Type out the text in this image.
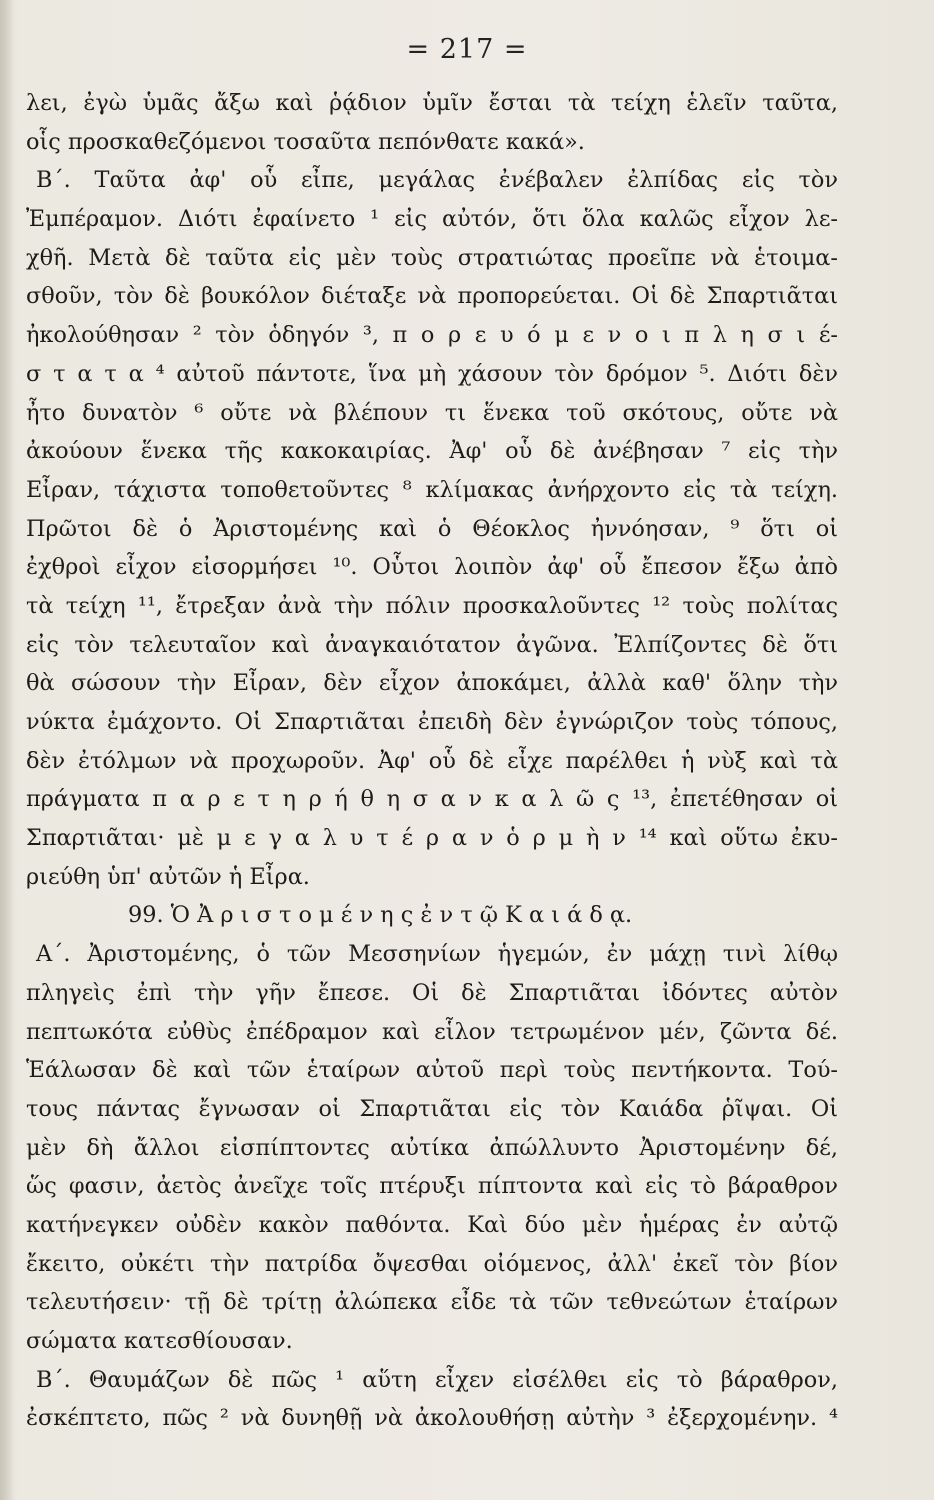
= 217 =
λει, ἐγὼ ὑμᾶς ἄξω καὶ ῥᾴδιον ὑμῖν ἔσται τὰ τείχη ἑλεῖν ταῦτα,
οἷς προσκαθεζόμενοι τοσαῦτα πεπόνθατε κακά».
Β΄. Ταῦτα ἀφ' οὗ εἶπε, μεγάλας ἐνέβαλεν ἐλπίδας εἰς τὸν
Ἐμπέραμον. Διότι ἐφαίνετο ¹ εἰς αὐτόν, ὅτι ὅλα καλῶς εἶχον λε-
χθῆ. Μετὰ δὲ ταῦτα εἰς μὲν τοὺς στρατιώτας προεῖπε νὰ ἑτοιμα-
σθοῦν, τὸν δὲ βουκόλον διέταξε νὰ προπορεύεται. Οἱ δὲ Σπαρτιᾶται
ἠκολούθησαν ² τὸν ὁδηγόν ³, π ο ρ ε υ ό μ ε ν ο ι π λ η σ ι έ-
σ τ α τ α ⁴ αὐτοῦ πάντοτε, ἵνα μὴ χάσουν τὸν δρόμον ⁵. Διότι δὲν
ἦτο δυνατὸν ⁶ οὔτε νὰ βλέπουν τι ἕνεκα τοῦ σκότους, οὔτε νὰ
ἀκούουν ἕνεκα τῆς κακοκαιρίας. Ἀφ' οὗ δὲ ἀνέβησαν ⁷ εἰς τὴν
Εἶραν, τάχιστα τοποθετοῦντες ⁸ κλίμακας ἀνήρχοντο εἰς τὰ τείχη.
Πρῶτοι δὲ ὁ Ἀριστομένης καὶ ὁ Θέοκλος ἠννόησαν, ⁹ ὅτι οἱ
ἐχθροὶ εἶχον εἰσορμήσει ¹⁰. Οὗτοι λοιπὸν ἀφ' οὗ ἔπεσον ἔξω ἀπὸ
τὰ τείχη ¹¹, ἔτρεξαν ἀνὰ τὴν πόλιν προσκαλοῦντες ¹² τοὺς πολίτας
εἰς τὸν τελευταῖον καὶ ἀναγκαιότατον ἀγῶνα. Ἐλπίζοντες δὲ ὅτι
θὰ σώσουν τὴν Εἶραν, δὲν εἶχον ἀποκάμει, ἀλλὰ καθ' ὅλην τὴν
νύκτα ἐμάχοντο. Οἱ Σπαρτιᾶται ἐπειδὴ δὲν ἐγνώριζον τοὺς τόπους,
δὲν ἐτόλμων νὰ προχωροῦν. Ἀφ' οὗ δὲ εἶχε παρέλθει ἡ νὺξ καὶ τὰ
πράγματα π α ρ ε τ η ρ ή θ η σ α ν κ α λ ῶ ς ¹³, ἐπετέθησαν οἱ
Σπαρτιᾶται· μὲ μ ε γ α λ υ τ έ ρ α ν ὁ ρ μ ὴ ν ¹⁴ καὶ οὕτω ἐκυ-
ριεύθη ὑπ' αὐτῶν ἡ Εἶρα.
99. Ὁ Ἀ ρ ι σ τ ο μ έ ν η ς ἐ ν τ ῷ Κ α ι ά δ ᾳ.
Α΄. Ἀριστομένης, ὁ τῶν Μεσσηνίων ἡγεμών, ἐν μάχῃ τινὶ λίθῳ
πληγεὶς ἐπὶ τὴν γῆν ἔπεσε. Οἱ δὲ Σπαρτιᾶται ἰδόντες αὐτὸν
πεπτωκότα εὐθὺς ἐπέδραμον καὶ εἷλον τετρωμένον μέν, ζῶντα δέ.
Ἑάλωσαν δὲ καὶ τῶν ἑταίρων αὐτοῦ περὶ τοὺς πεντήκοντα. Τού-
τους πάντας ἔγνωσαν οἱ Σπαρτιᾶται εἰς τὸν Καιάδα ῥῖψαι. Οἱ
μὲν δὴ ἄλλοι εἰσπίπτοντες αὐτίκα ἀπώλλυντο Ἀριστομένην δέ,
ὥς φασιν, ἀετὸς ἀνεῖχε τοῖς πτέρυξι πίπτοντα καὶ εἰς τὸ βάραθρον
κατήνεγκεν οὐδὲν κακὸν παθόντα. Καὶ δύο μὲν ἡμέρας ἐν αὐτῷ
ἔκειτο, οὐκέτι τὴν πατρίδα ὄψεσθαι οἰόμενος, ἀλλ' ἐκεῖ τὸν βίον
τελευτήσειν· τῇ δὲ τρίτῃ ἀλώπεκα εἶδε τὰ τῶν τεθνεώτων ἑταίρων
σώματα κατεσθίουσαν.
Β΄. Θαυμάζων δὲ πῶς ¹ αὕτη εἶχεν εἰσέλθει εἰς τὸ βάραθρον,
ἐσκέπτετο, πῶς ² νὰ δυνηθῇ νὰ ἀκολουθήσῃ αὐτὴν ³ ἐξερχομένην. ⁴
